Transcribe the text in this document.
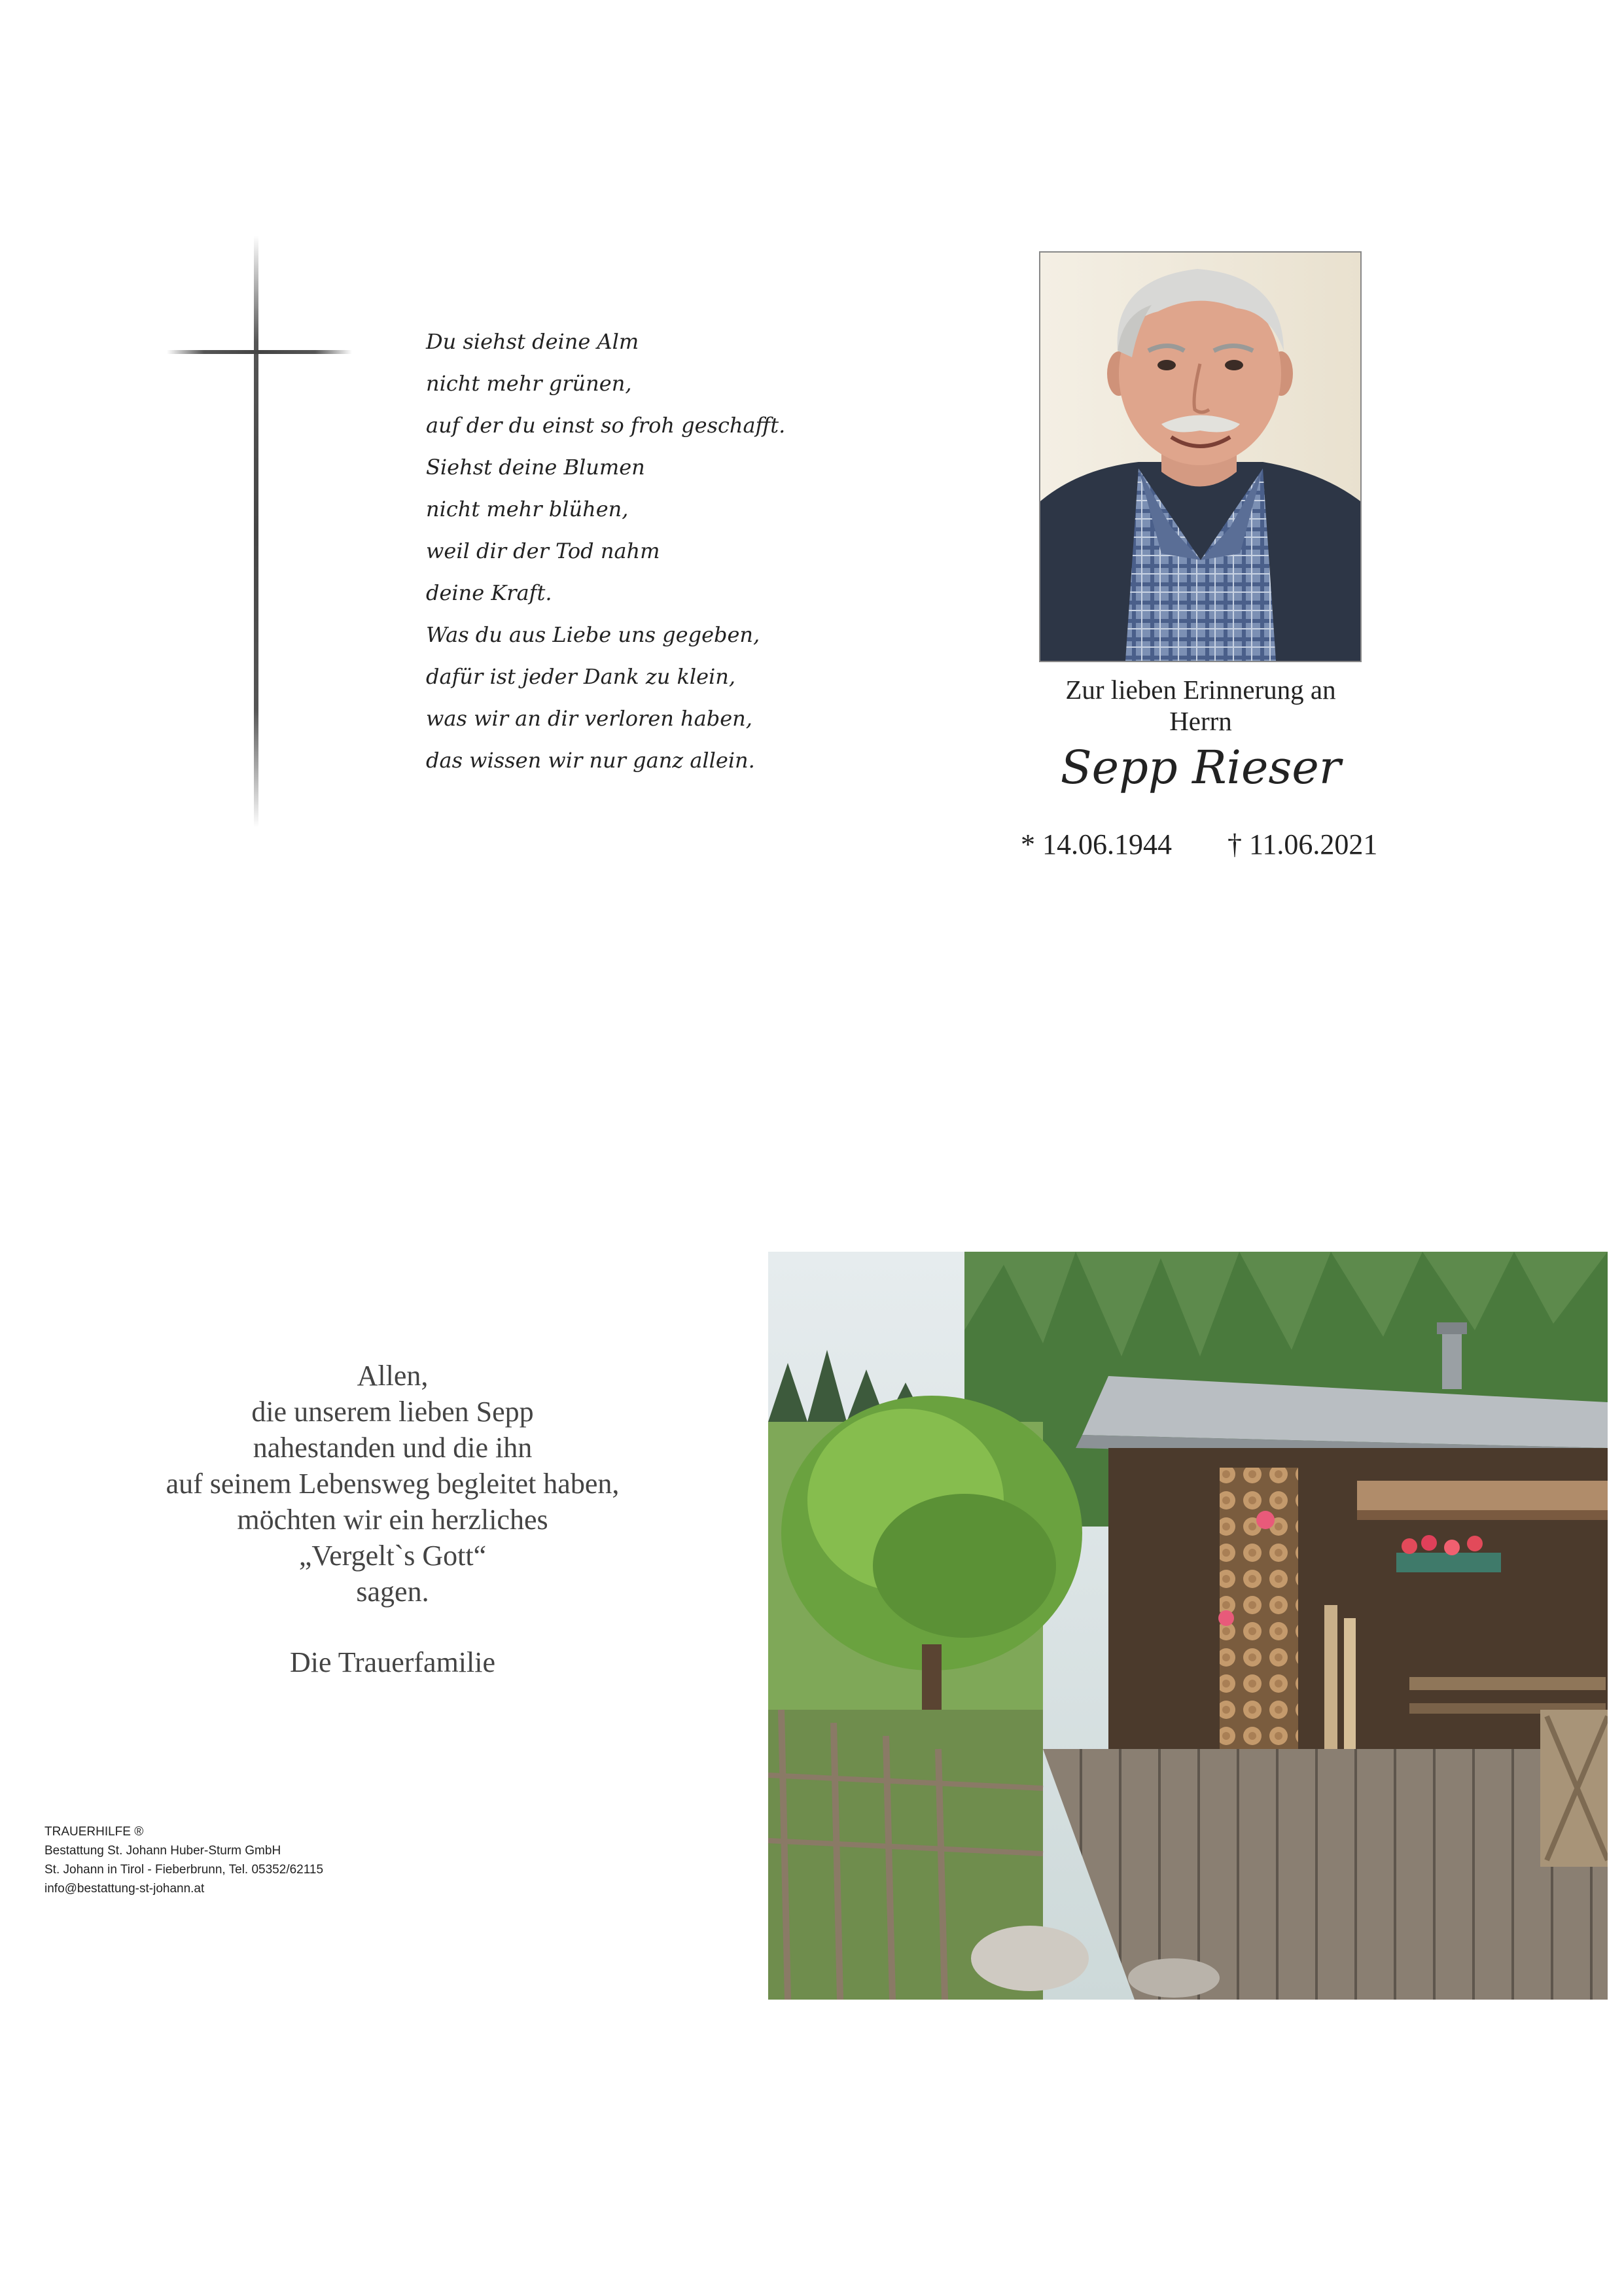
Du siehst deine Alm
nicht mehr grünen,
auf der du einst so froh geschafft.
Siehst deine Blumen
nicht mehr blühen,
weil dir der Tod nahm
deine Kraft.
Was du aus Liebe uns gegeben,
dafür ist jeder Dank zu klein,
was wir an dir verloren haben,
das wissen wir nur ganz allein.
Zur lieben Erinnerung an
Herrn
Sepp Rieser
* 14.06.1944 † 11.06.2021
Allen,
die unserem lieben Sepp
nahestanden und die ihn
auf seinem Lebensweg begleitet haben,
möchten wir ein herzliches
„Vergelt`s Gott“
sagen.
Die Trauerfamilie
TRAUERHILFE ®
Bestattung St. Johann Huber-Sturm GmbH
St. Johann in Tirol - Fieberbrunn, Tel. 05352/62115
info@bestattung-st-johann.at
